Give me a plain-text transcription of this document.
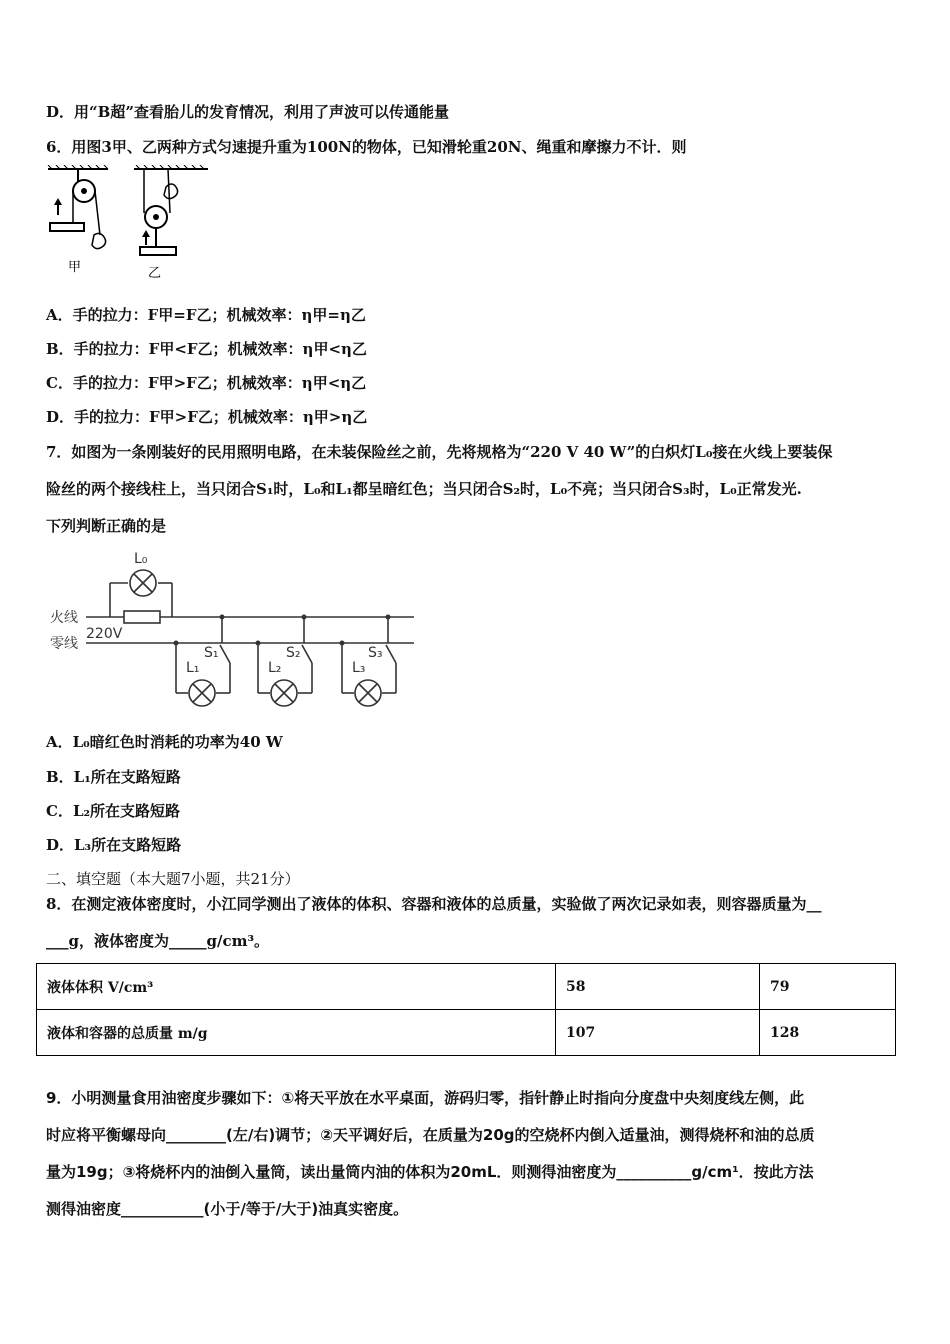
D．用“B超”查看胎儿的发育情况，利用了声波可以传通能量
6．用图3甲、乙两种方式匀速提升重为100N的物体，已知滑轮重20N、绳重和摩擦力不计．则
甲	乙
A．手的拉力：F甲=F乙；机械效率：η甲=η乙
B．手的拉力：F甲<F乙；机械效率：η甲<η乙
C．手的拉力：F甲>F乙；机械效率：η甲<η乙
D．手的拉力：F甲>F乙；机械效率：η甲>η乙
7．如图为一条刚装好的民用照明电路，在未装保险丝之前，先将规格为“220 V 40 W”的白炽灯L₀接在火线上要装保
险丝的两个接线柱上，当只闭合S₁时，L₀和L₁都呈暗红色；当只闭合S₂时，L₀不亮；当只闭合S₃时，L₀正常发光.
下列判断正确的是
火线
零线
220V
L₀
L₁	L₂	L₃
S₁	S₂	S₃
A．L₀暗红色时消耗的功率为40 W
B．L₁所在支路短路
C．L₂所在支路短路
D．L₃所在支路短路
二、填空题（本大题7小题，共21分）
8．在测定液体密度时，小江同学测出了液体的体积、容器和液体的总质量，实验做了两次记录如表，则容器质量为__
___g，液体密度为_____g/cm³。
液体体积 V/cm³	58	79
液体和容器的总质量 m/g	107	128
9．小明测量食用油密度步骤如下：①将天平放在水平桌面，游码归零，指针静止时指向分度盘中央刻度线左侧，此
时应将平衡螺母向________(左/右)调节；②天平调好后，在质量为20g的空烧杯内倒入适量油，测得烧杯和油的总质
量为19g；③将烧杯内的油倒入量筒，读出量筒内油的体积为20mL．则测得油密度为__________g/cm¹．按此方法
测得油密度___________(小于/等于/大于)油真实密度。
